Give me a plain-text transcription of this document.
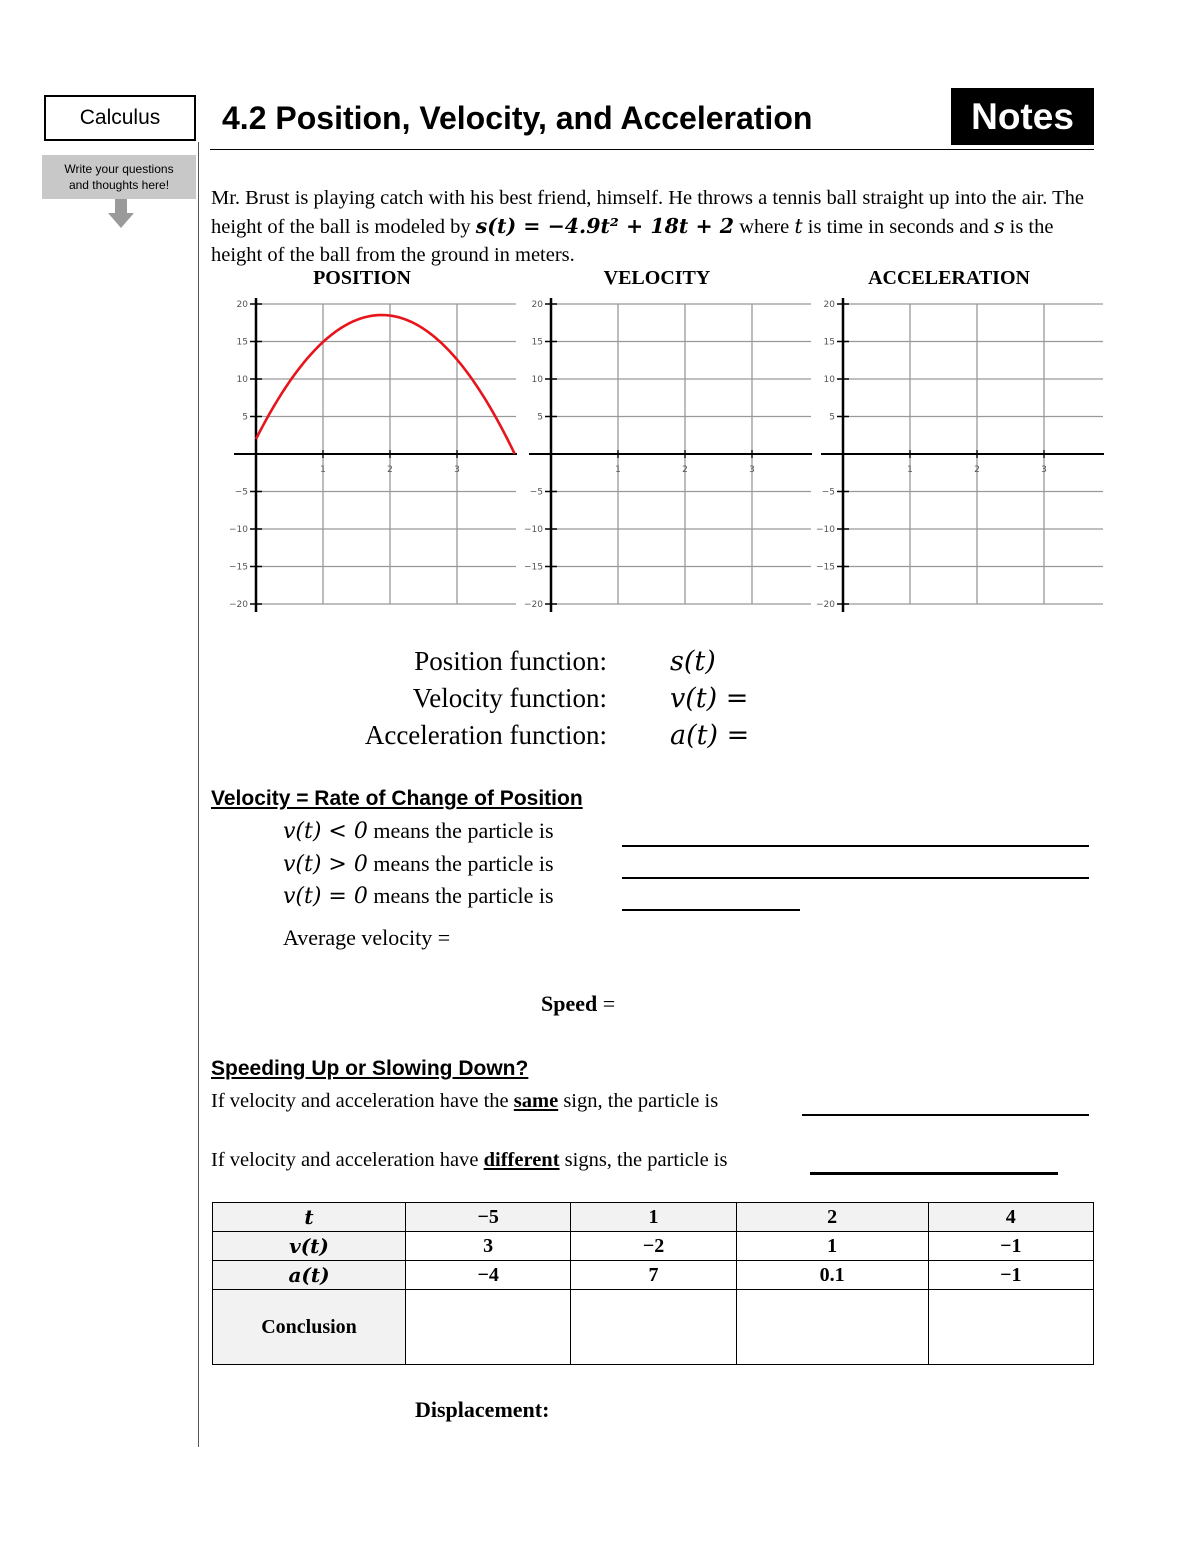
Calculus	4.2 Position, Velocity, and Acceleration	Notes
Write your questions
and thoughts here!
Mr. Brust is playing catch with his best friend, himself. He throws a tennis ball straight up into the air. The height of the ball is modeled by s(t) = −4.9t² + 18t + 2 where t is time in seconds and s is the height of the ball from the ground in meters.
POSITION	VELOCITY	ACCELERATION
20
15
10
5
−5
−10
−15
−20
1	2	3
20
15
10
5
−5
−10
−15
−20
1	2	3
20
15
10
5
−5
−10
−15
−20
1	2	3
Position function: s(t)
Velocity function: v(t) =
Acceleration function: a(t) =
Velocity = Rate of Change of Position
v(t) < 0 means the particle is
v(t) > 0 means the particle is
v(t) = 0 means the particle is
Average velocity =
Speed =
Speeding Up or Slowing Down?
If velocity and acceleration have the same sign, the particle is
If velocity and acceleration have different signs, the particle is
t	−5	1	2	4
v(t)	3	−2	1	−1
a(t)	−4	7	0.1	−1
Conclusion				
Displacement:
